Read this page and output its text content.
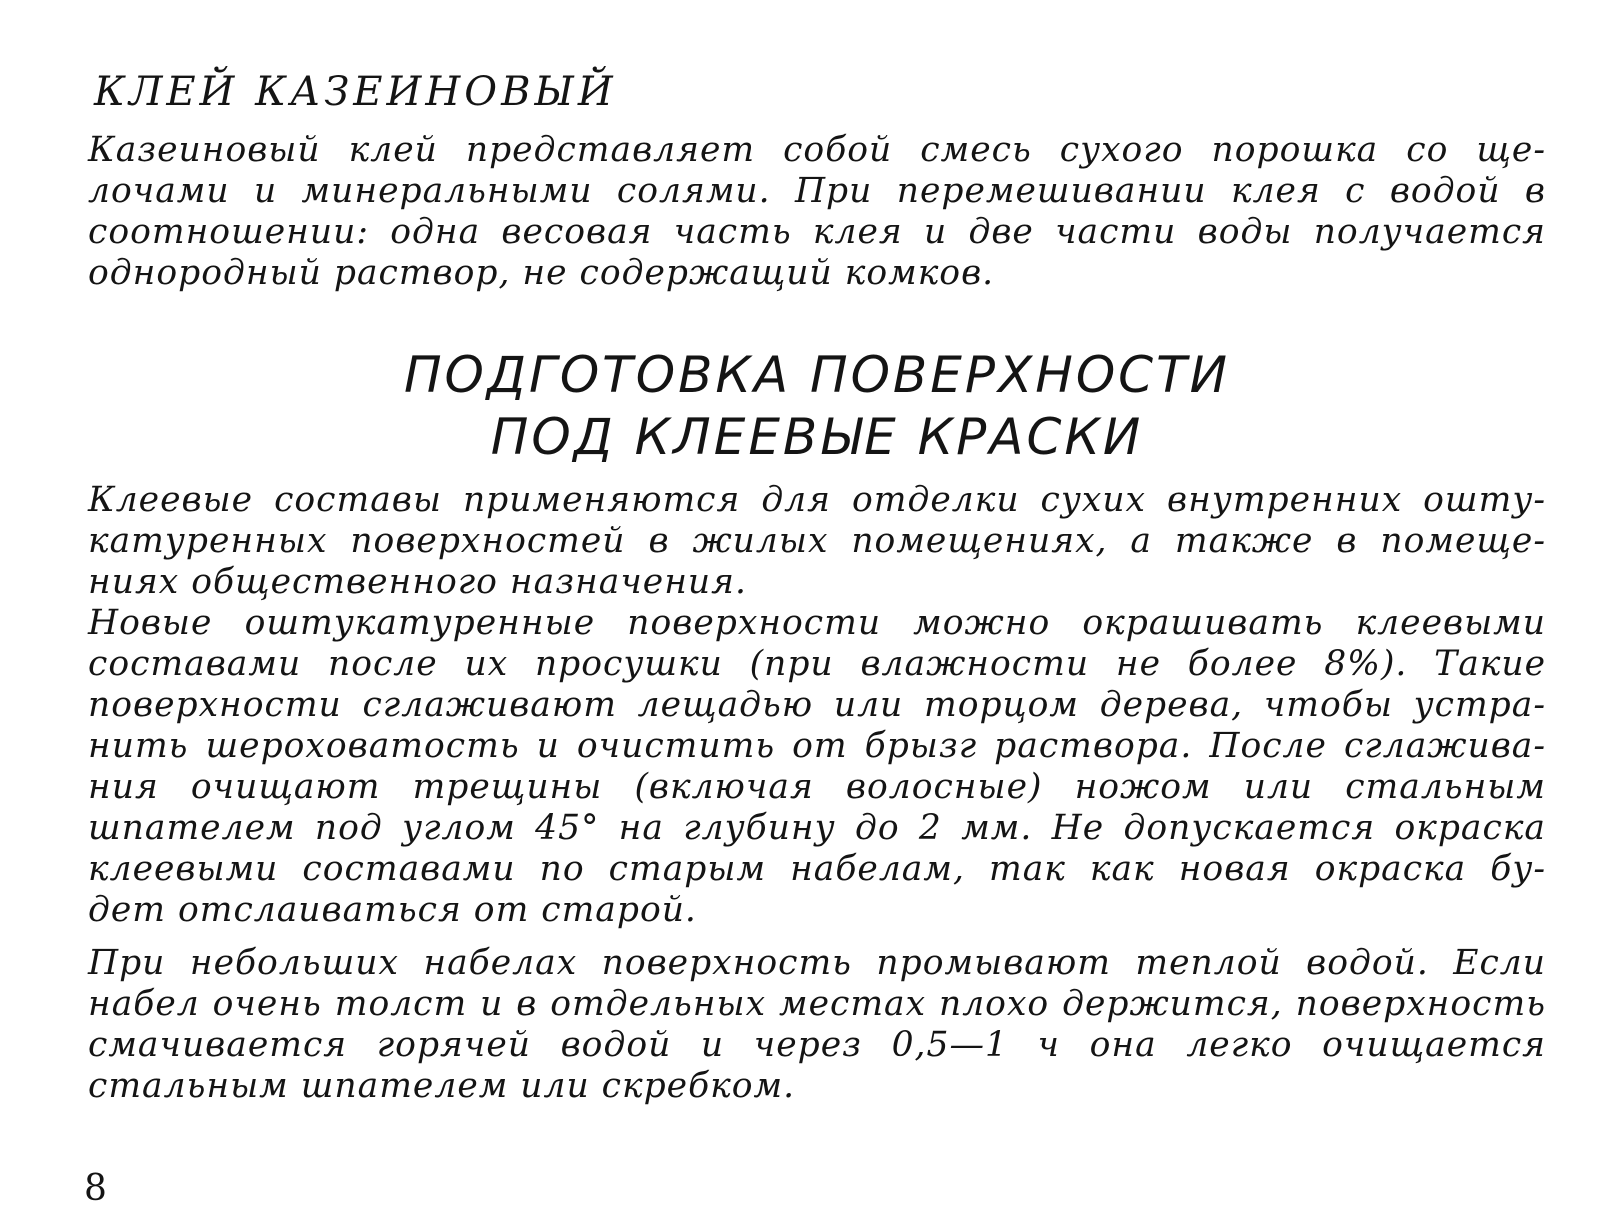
КЛЕЙ КАЗЕИНОВЫЙ
Казеиновый клей представляет собой смесь сухого порошка со ще-
лочами и минеральными солями. При перемешивании клея с водой в
соотношении: одна весовая часть клея и две части воды получается
однородный раствор, не содержащий комков.
ПОДГОТОВКА ПОВЕРХНОСТИ
ПОД КЛЕЕВЫЕ КРАСКИ
Клеевые составы применяются для отделки сухих внутренних ошту-
катуренных поверхностей в жилых помещениях, а также в помеще-
ниях общественного назначения.
Новые оштукатуренные поверхности можно окрашивать клеевыми
составами после их просушки (при влажности не более 8%). Такие
поверхности сглаживают лещадью или торцом дерева, чтобы устра-
нить шероховатость и очистить от брызг раствора. После сглажива-
ния очищают трещины (включая волосные) ножом или стальным
шпателем под углом 45° на глубину до 2 мм. Не допускается окраска
клеевыми составами по старым набелам, так как новая окраска бу-
дет отслаиваться от старой.
При небольших набелах поверхность промывают теплой водой. Если
набел очень толст и в отдельных местах плохо держится, поверхность
смачивается горячей водой и через 0,5—1 ч она легко очищается
стальным шпателем или скребком.
8
